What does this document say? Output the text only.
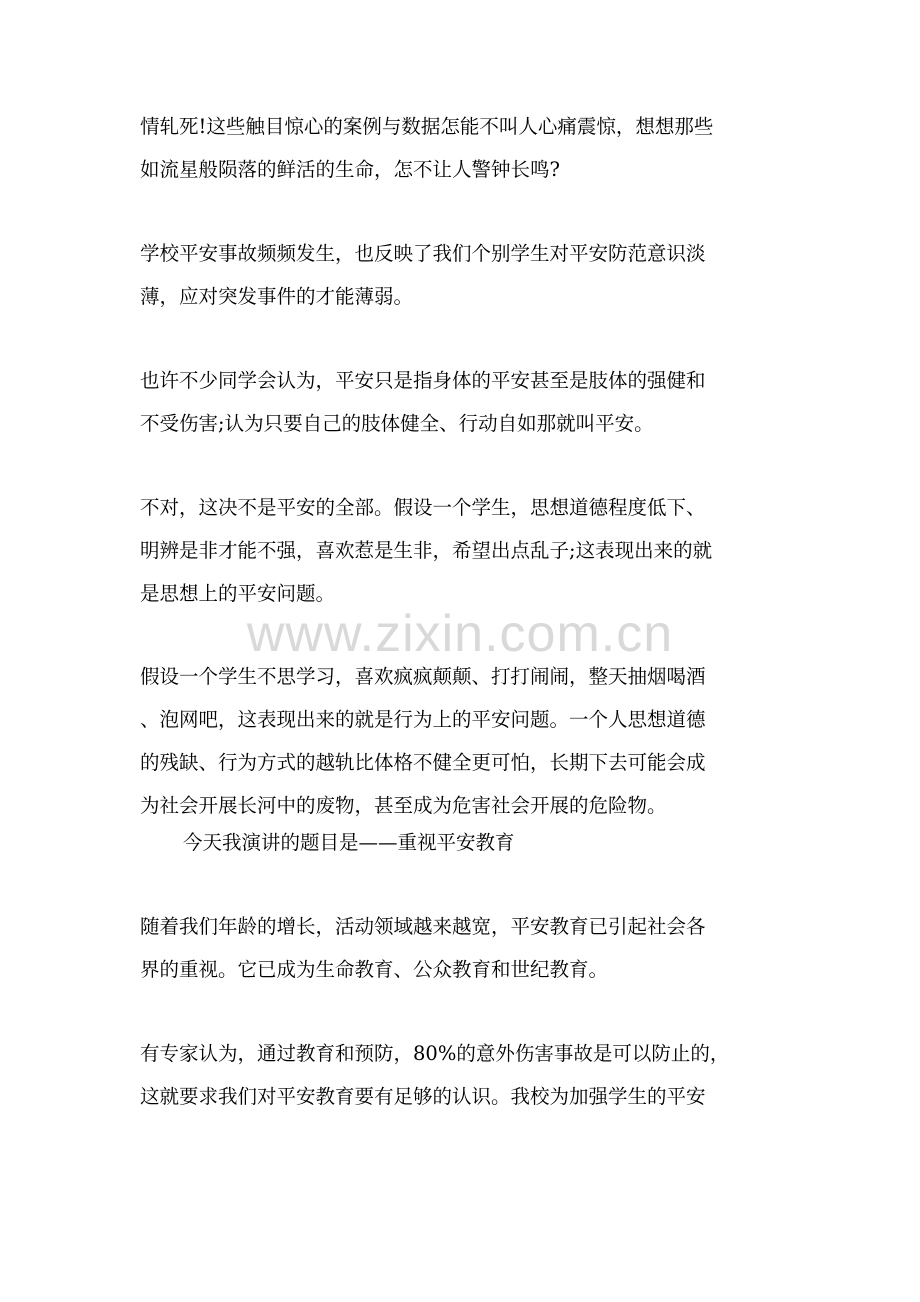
情轧死!这些触目惊心的案例与数据怎能不叫人心痛震惊，想想那些
如流星般陨落的鲜活的生命，怎不让人警钟长鸣?
学校平安事故频频发生，也反映了我们个别学生对平安防范意识淡
薄，应对突发事件的才能薄弱。
也许不少同学会认为，平安只是指身体的平安甚至是肢体的强健和
不受伤害;认为只要自己的肢体健全、行动自如那就叫平安。
不对，这决不是平安的全部。假设一个学生，思想道德程度低下、
明辨是非才能不强，喜欢惹是生非，希望出点乱子;这表现出来的就
是思想上的平安问题。
www.zixin.com.cn
假设一个学生不思学习，喜欢疯疯颠颠、打打闹闹，整天抽烟喝酒
、泡网吧，这表现出来的就是行为上的平安问题。一个人思想道德
的残缺、行为方式的越轨比体格不健全更可怕，长期下去可能会成
为社会开展长河中的废物，甚至成为危害社会开展的危险物。
今天我演讲的题目是——重视平安教育
随着我们年龄的增长，活动领域越来越宽，平安教育已引起社会各
界的重视。它已成为生命教育、公众教育和世纪教育。
有专家认为，通过教育和预防，80%的意外伤害事故是可以防止的，
这就要求我们对平安教育要有足够的认识。我校为加强学生的平安
